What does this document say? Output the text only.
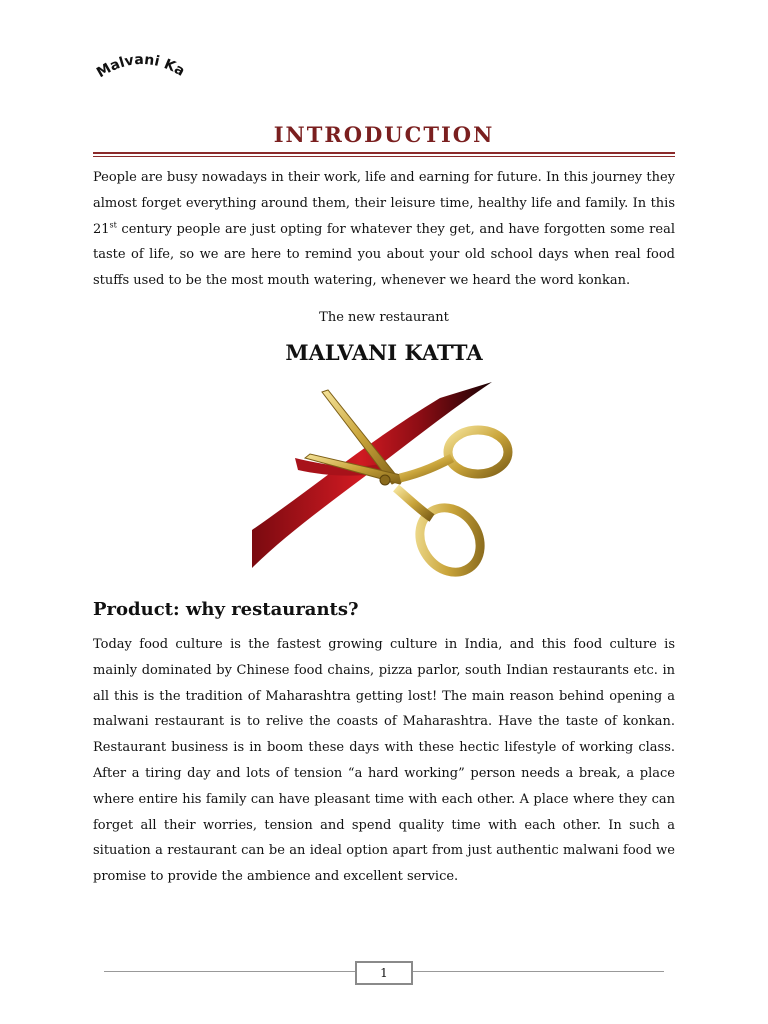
Malvani Ka
INTRODUCTION

People are busy nowadays in their work, life and earning for future. In this journey they almost forget everything around them, their leisure time, healthy life and family. In this 21st century people are just opting for whatever they get, and have forgotten some real taste of life, so we are here to remind you about your old school days when real food stuffs used to be the most mouth watering, whenever we heard the word konkan.

The new restaurant

MALVANI KATTA

Product: why restaurants?

Today food culture is the fastest growing culture in India, and this food culture is mainly dominated by Chinese food chains, pizza parlor, south Indian restaurants etc. in all this is the tradition of Maharashtra getting lost! The main reason behind opening a malwani restaurant is to relive the coasts of Maharashtra. Have the taste of konkan. Restaurant business is in boom these days with these hectic lifestyle of working class. After a tiring day and lots of tension “a hard working” person needs a break, a place where entire his family can have pleasant time with each other. A place where they can forget all their worries, tension and spend quality time with each other. In such a situation a restaurant can be an ideal option apart from just authentic malwani food we promise to provide the ambience and excellent service.

1
